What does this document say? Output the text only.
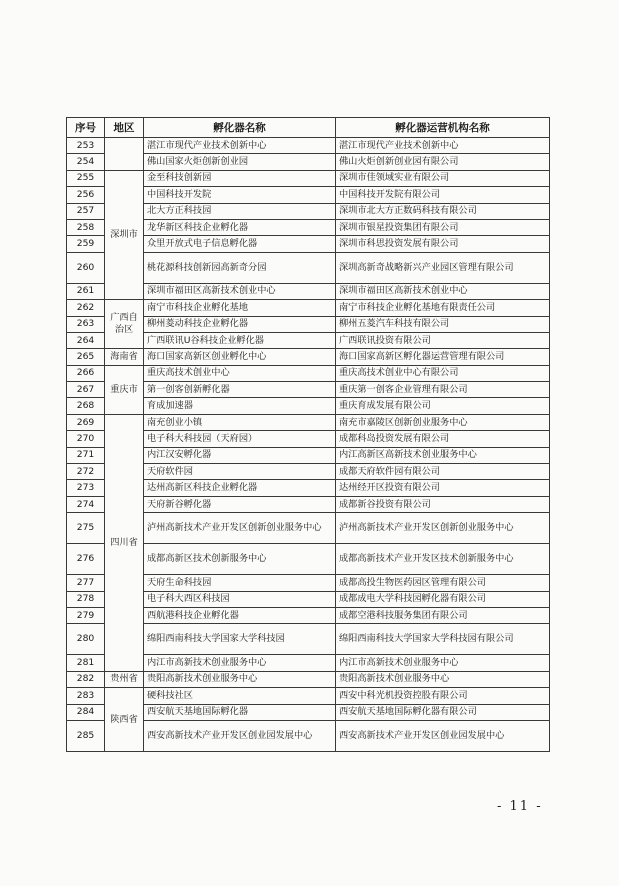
序号	地区	孵化器名称	孵化器运营机构名称
253		湛江市现代产业技术创新中心	湛江市现代产业技术创新中心
254		佛山国家火炬创新创业园	佛山火炬创新创业园有限公司
255	深圳市	金至科技创新园	深圳市佳领域实业有限公司
256		中国科技开发院	中国科技开发院有限公司
257		北大方正科技园	深圳市北大方正数码科技有限公司
258		龙华新区科技企业孵化器	深圳市银星投资集团有限公司
259		众里开放式电子信息孵化器	深圳市科思投资发展有限公司
260		桃花源科技创新园高新奇分园	深圳高新奇战略新兴产业园区管理有限公司
261		深圳市福田区高新技术创业中心	深圳市福田区高新技术创业中心
262	广西自治区	南宁市科技企业孵化基地	南宁市科技企业孵化基地有限责任公司
263		柳州菱动科技企业孵化器	柳州五菱汽车科技有限公司
264		广西联讯U谷科技企业孵化器	广西联讯投资有限公司
265	海南省	海口国家高新区创业孵化中心	海口国家高新区孵化器运营管理有限公司
266	重庆市	重庆高技术创业中心	重庆高技术创业中心有限公司
267		第一创客创新孵化器	重庆第一创客企业管理有限公司
268		育成加速器	重庆育成发展有限公司
269	四川省	南充创业小镇	南充市嘉陵区创新创业服务中心
270		电子科大科技园（天府园）	成都科岛投资发展有限公司
271		内江汉安孵化器	内江高新区高新技术创业服务中心
272		天府软件园	成都天府软件园有限公司
273		达州高新区科技企业孵化器	达州经开区投资有限公司
274		天府新谷孵化器	成都新谷投资有限公司
275		泸州高新技术产业开发区创新创业服务中心	泸州高新技术产业开发区创新创业服务中心
276		成都高新区技术创新服务中心	成都高新技术产业开发区技术创新服务中心
277		天府生命科技园	成都高投生物医药园区管理有限公司
278		电子科大西区科技园	成都成电大学科技园孵化器有限公司
279		西航港科技企业孵化器	成都空港科技服务集团有限公司
280		绵阳西南科技大学国家大学科技园	绵阳西南科技大学国家大学科技园有限公司
281		内江市高新技术创业服务中心	内江市高新技术创业服务中心
282	贵州省	贵阳高新技术创业服务中心	贵阳高新技术创业服务中心
283	陕西省	硬科技社区	西安中科光机投资控股有限公司
284		西安航天基地国际孵化器	西安航天基地国际孵化器有限公司
285		西安高新技术产业开发区创业园发展中心	西安高新技术产业开发区创业园发展中心
- 11 -
